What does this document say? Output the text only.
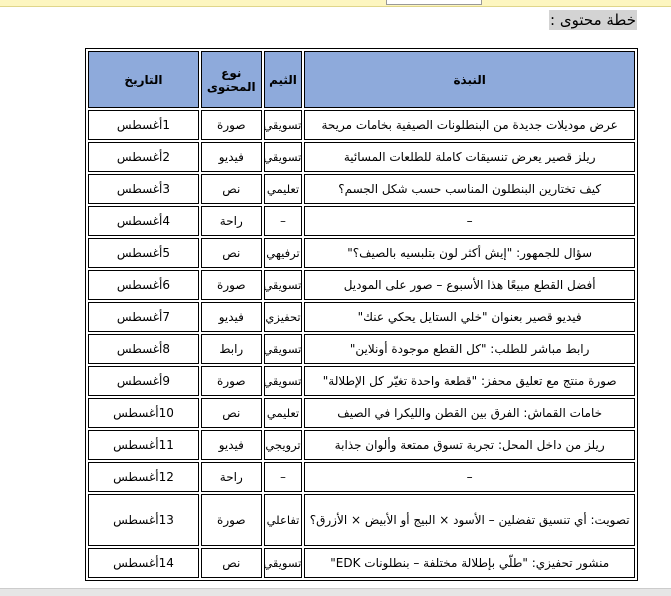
خطة محتوى :
النبذة	الثيم	نوع المحتوى	التاريخ
عرض موديلات جديدة من البنطلونات الصيفية بخامات مريحة	تسويقي	صورة	1أغسطس
ريلز قصير يعرض تنسيقات كاملة للطلعات المسائية	تسويقي	فيديو	2أغسطس
كيف تختارين البنطلون المناسب حسب شكل الجسم؟	تعليمي	نص	3أغسطس
–	–	راحة	4أغسطس
سؤال للجمهور: "إيش أكثر لون بتلبسيه بالصيف؟"	ترفيهي	نص	5أغسطس
أفضل القطع مبيعًا هذا الأسبوع – صور على الموديل	تسويقي	صورة	6أغسطس
فيديو قصير بعنوان "خلي الستايل يحكي عنك"	تحفيزي	فيديو	7أغسطس
رابط مباشر للطلب: "كل القطع موجودة أونلاين"	تسويقي	رابط	8أغسطس
صورة منتج مع تعليق محفز: "قطعة واحدة تغيّر كل الإطلالة"	تسويقي	صورة	9أغسطس
خامات القماش: الفرق بين القطن والليكرا في الصيف	تعليمي	نص	10أغسطس
ريلز من داخل المحل: تجربة تسوق ممتعة وألوان جذابة	ترويجي	فيديو	11أغسطس
–	–	راحة	12أغسطس
تصويت: أي تنسيق تفضلين – الأسود × البيج أو الأبيض × الأزرق؟	تفاعلي	صورة	13أغسطس
منشور تحفيزي: "طلّي بإطلالة مختلفة – بنطلونات EDK"	تسويقي	نص	14أغسطس
